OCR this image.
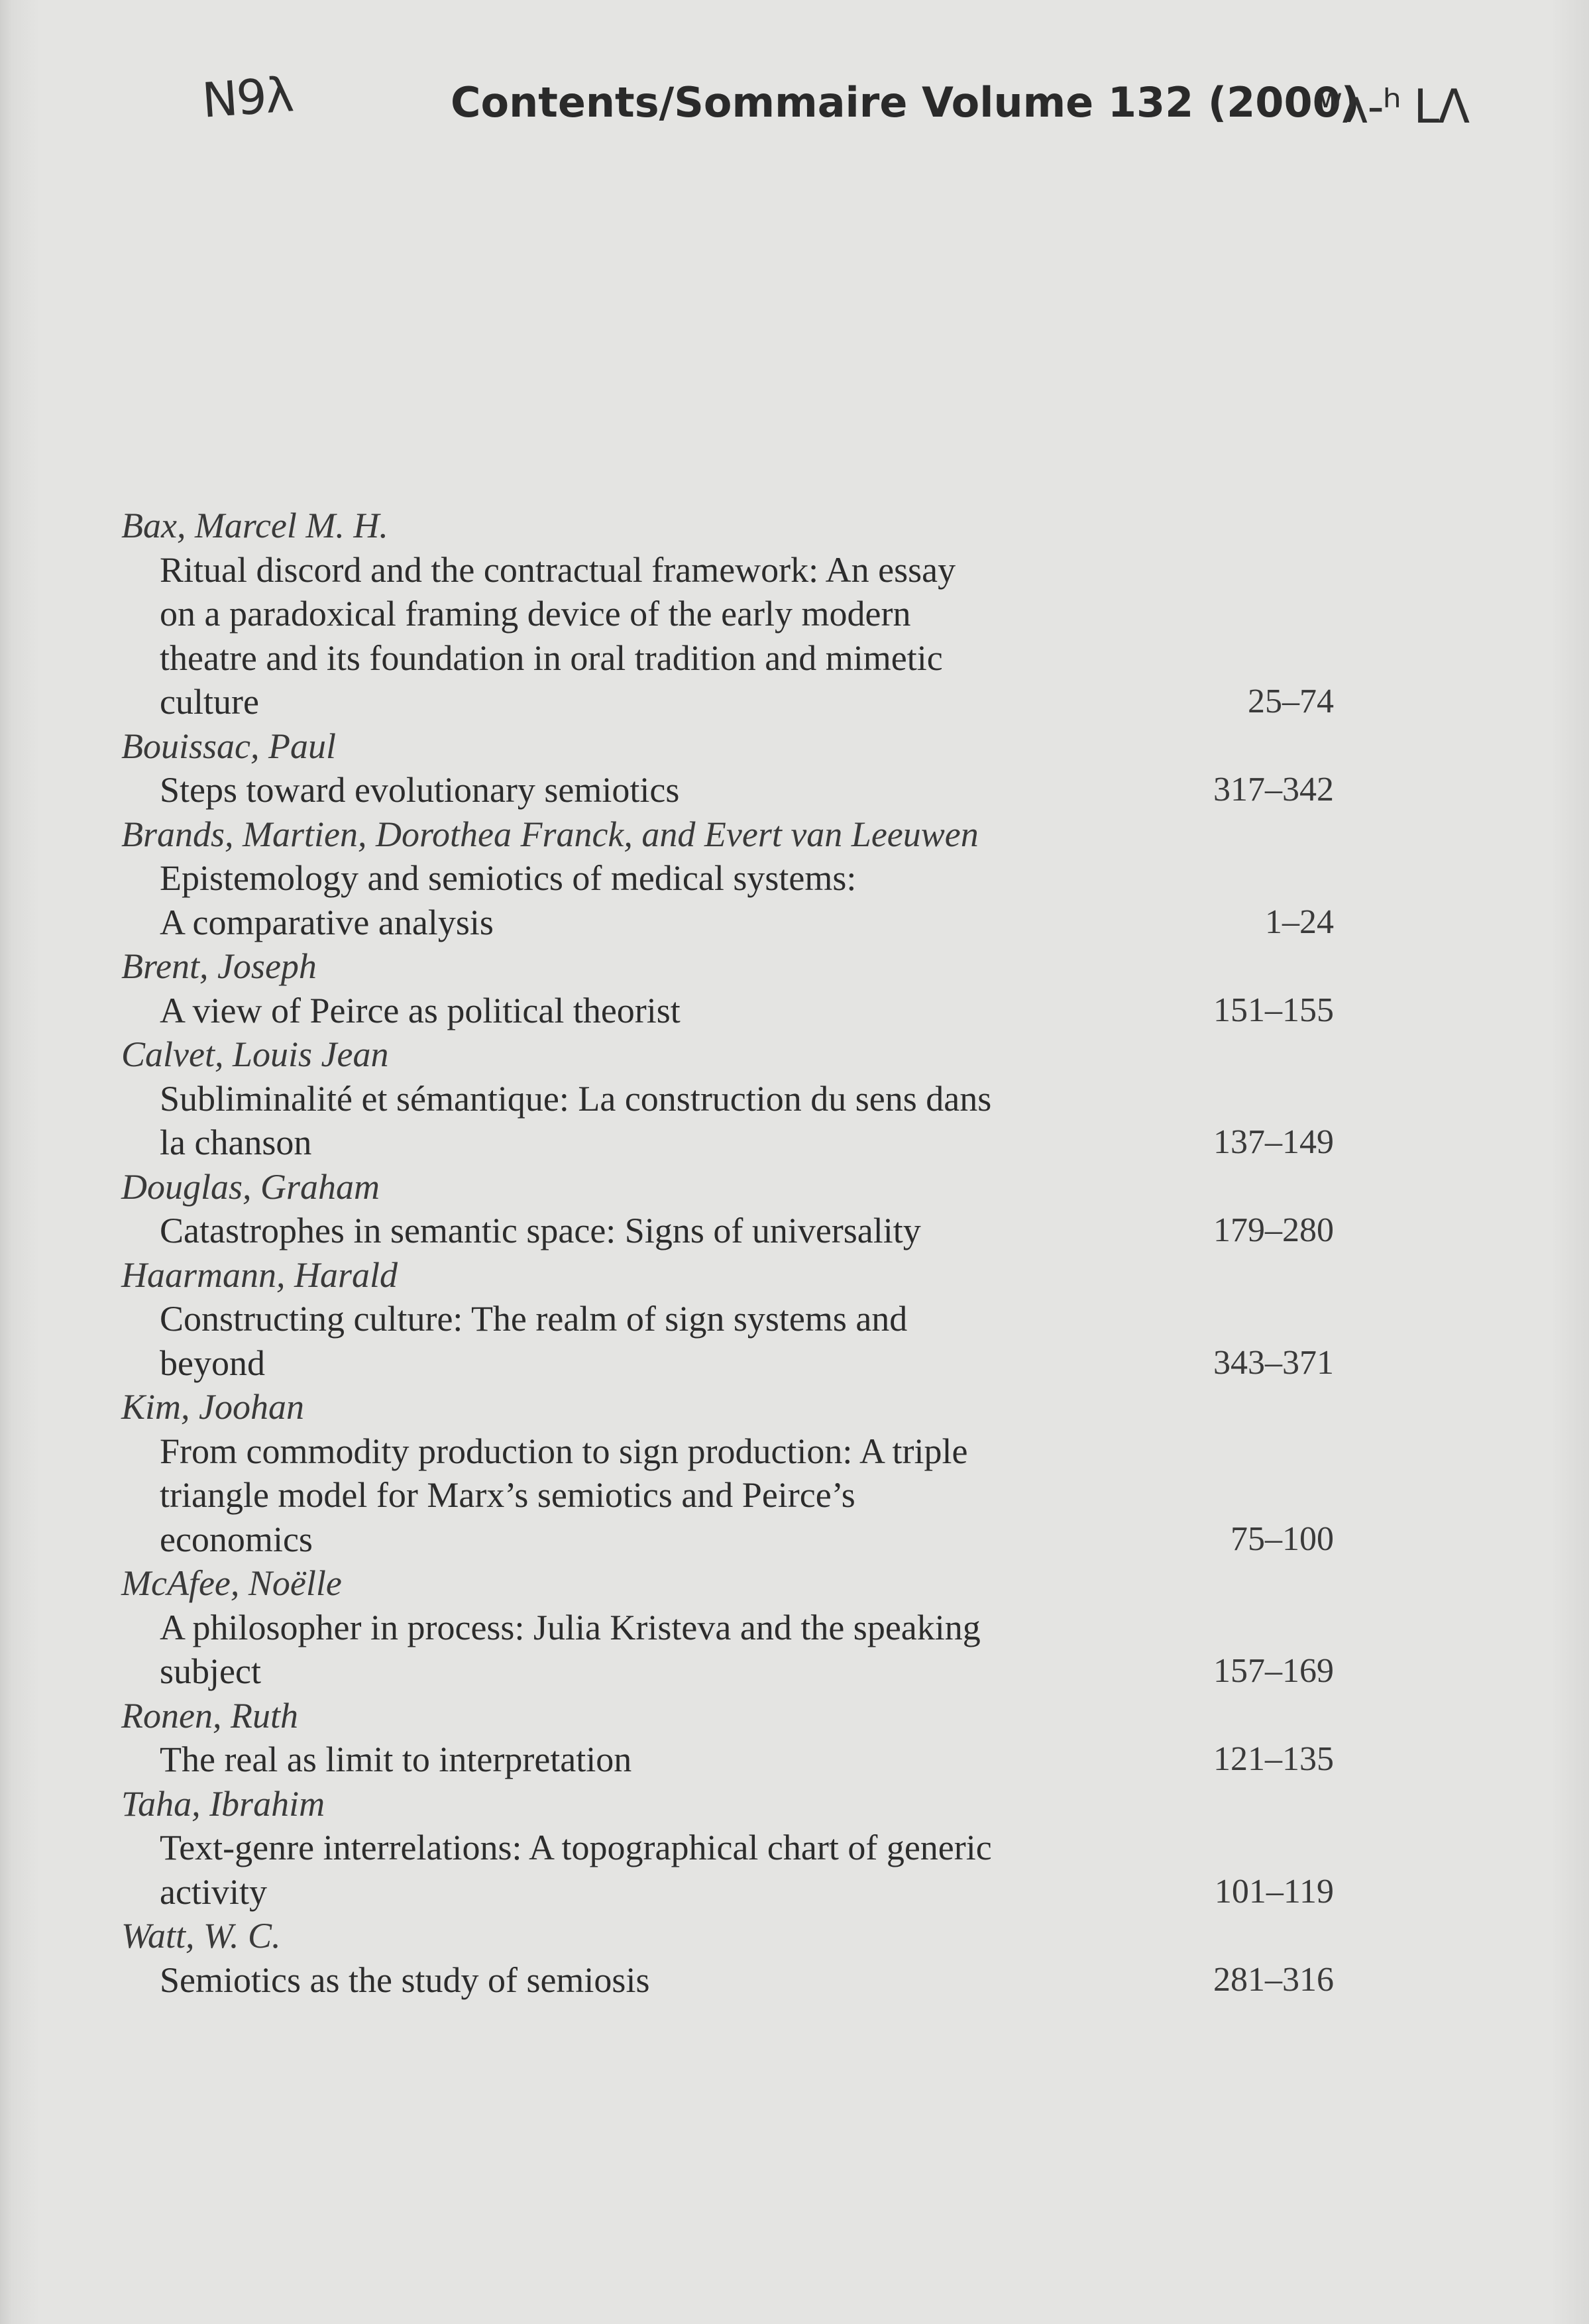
N9λ	Contents/Sommaire Volume 132 (2000)
ʷʌ-ʰ LΛ
Bax, Marcel M. H.
Ritual discord and the contractual framework: An essay
on a paradoxical framing device of the early modern
theatre and its foundation in oral tradition and mimetic
culture	25–74
Bouissac, Paul
Steps toward evolutionary semiotics	317–342
Brands, Martien, Dorothea Franck, and Evert van Leeuwen
Epistemology and semiotics of medical systems:
A comparative analysis	1–24
Brent, Joseph
A view of Peirce as political theorist	151–155
Calvet, Louis Jean
Subliminalité et sémantique: La construction du sens dans
la chanson	137–149
Douglas, Graham
Catastrophes in semantic space: Signs of universality	179–280
Haarmann, Harald
Constructing culture: The realm of sign systems and
beyond	343–371
Kim, Joohan
From commodity production to sign production: A triple
triangle model for Marx’s semiotics and Peirce’s
economics	75–100
McAfee, Noëlle
A philosopher in process: Julia Kristeva and the speaking
subject	157–169
Ronen, Ruth
The real as limit to interpretation	121–135
Taha, Ibrahim
Text-genre interrelations: A topographical chart of generic
activity	101–119
Watt, W. C.
Semiotics as the study of semiosis	281–316
